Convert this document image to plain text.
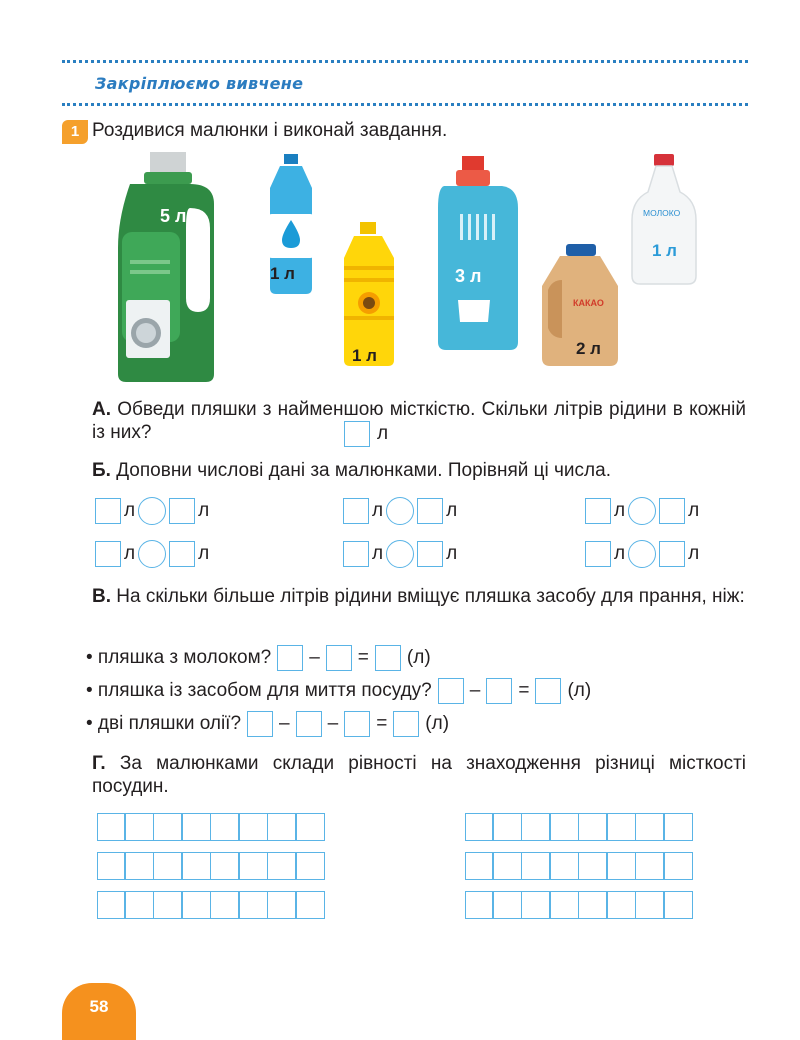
Закріплюємо вивчене
1 Роздивися малюнки і виконай завдання.
5 л
1 л
1 л
3 л
КАКАО
2 л
МОЛОКО
1 л
А. Обведи пляшки з найменшою місткістю. Скільки літрів рідини в кожній із них?	л
Б. Доповни числові дані за малюнками. Порівняй ці числа.
л	л	л	л	л	л
л	л	л	л	л	л
В. На скільки більше літрів рідини вміщує пляшка засобу для прання, ніж:
• пляшка з молоком? – = (л)
• пляшка із засобом для миття посуду? – = (л)
• дві пляшки олії? – – = (л)
Г. За малюнками склади рівності на знаходження різниці місткості посудин.
58
